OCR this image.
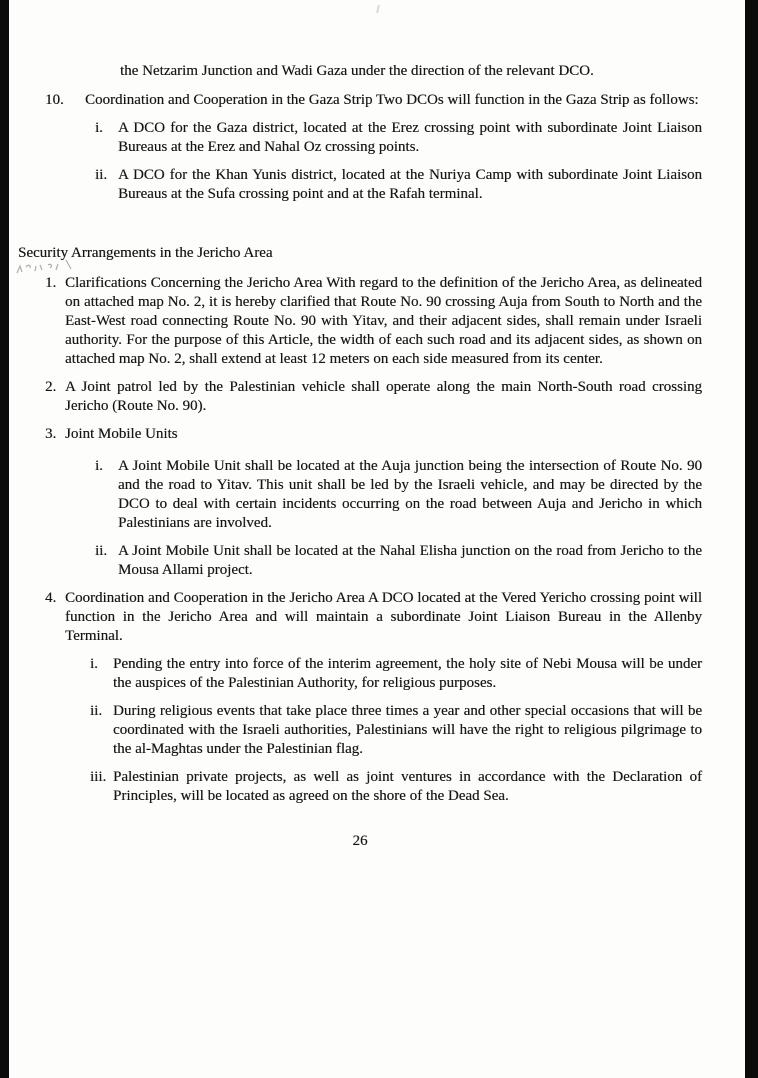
the Netzarim Junction and Wadi Gaza under the direction of the relevant DCO.

10.	Coordination and Cooperation in the Gaza Strip Two DCOs will function in the Gaza Strip as follows:

i.	A DCO for the Gaza district, located at the Erez crossing point with subordinate Joint Liaison Bureaus at the Erez and Nahal Oz crossing points.

ii. A DCO for the Khan Yunis district, located at the Nuriya Camp with subordinate Joint Liaison Bureaus at the Sufa crossing point and at the Rafah terminal.

Security Arrangements in the Jericho Area

1. Clarifications Concerning the Jericho Area With regard to the definition of the Jericho Area, as delineated on attached map No. 2, it is hereby clarified that Route No. 90 crossing Auja from South to North and the East-West road connecting Route No. 90 with Yitav, and their adjacent sides, shall remain under Israeli authority. For the purpose of this Article, the width of each such road and its adjacent sides, as shown on attached map No. 2, shall extend at least 12 meters on each side measured from its center.

2. A Joint patrol led by the Palestinian vehicle shall operate along the main North-South road crossing Jericho (Route No. 90).

3. Joint Mobile Units

i.	A Joint Mobile Unit shall be located at the Auja junction being the intersection of Route No. 90 and the road to Yitav. This unit shall be led by the Israeli vehicle, and may be directed by the DCO to deal with certain incidents occurring on the road between Auja and Jericho in which Palestinians are involved.

ii. A Joint Mobile Unit shall be located at the Nahal Elisha junction on the road from Jericho to the Mousa Allami project.

4. Coordination and Cooperation in the Jericho Area A DCO located at the Vered Yericho crossing point will function in the Jericho Area and will maintain a subordinate Joint Liaison Bureau in the Allenby Terminal.

i.	Pending the entry into force of the interim agreement, the holy site of Nebi Mousa will be under the auspices of the Palestinian Authority, for religious purposes.

ii. During religious events that take place three times a year and other special occasions that will be coordinated with the Israeli authorities, Palestinians will have the right to religious pilgrimage to the al-Maghtas under the Palestinian flag.

iii. Palestinian private projects, as well as joint ventures in accordance with the Declaration of Principles, will be located as agreed on the shore of the Dead Sea.

26
